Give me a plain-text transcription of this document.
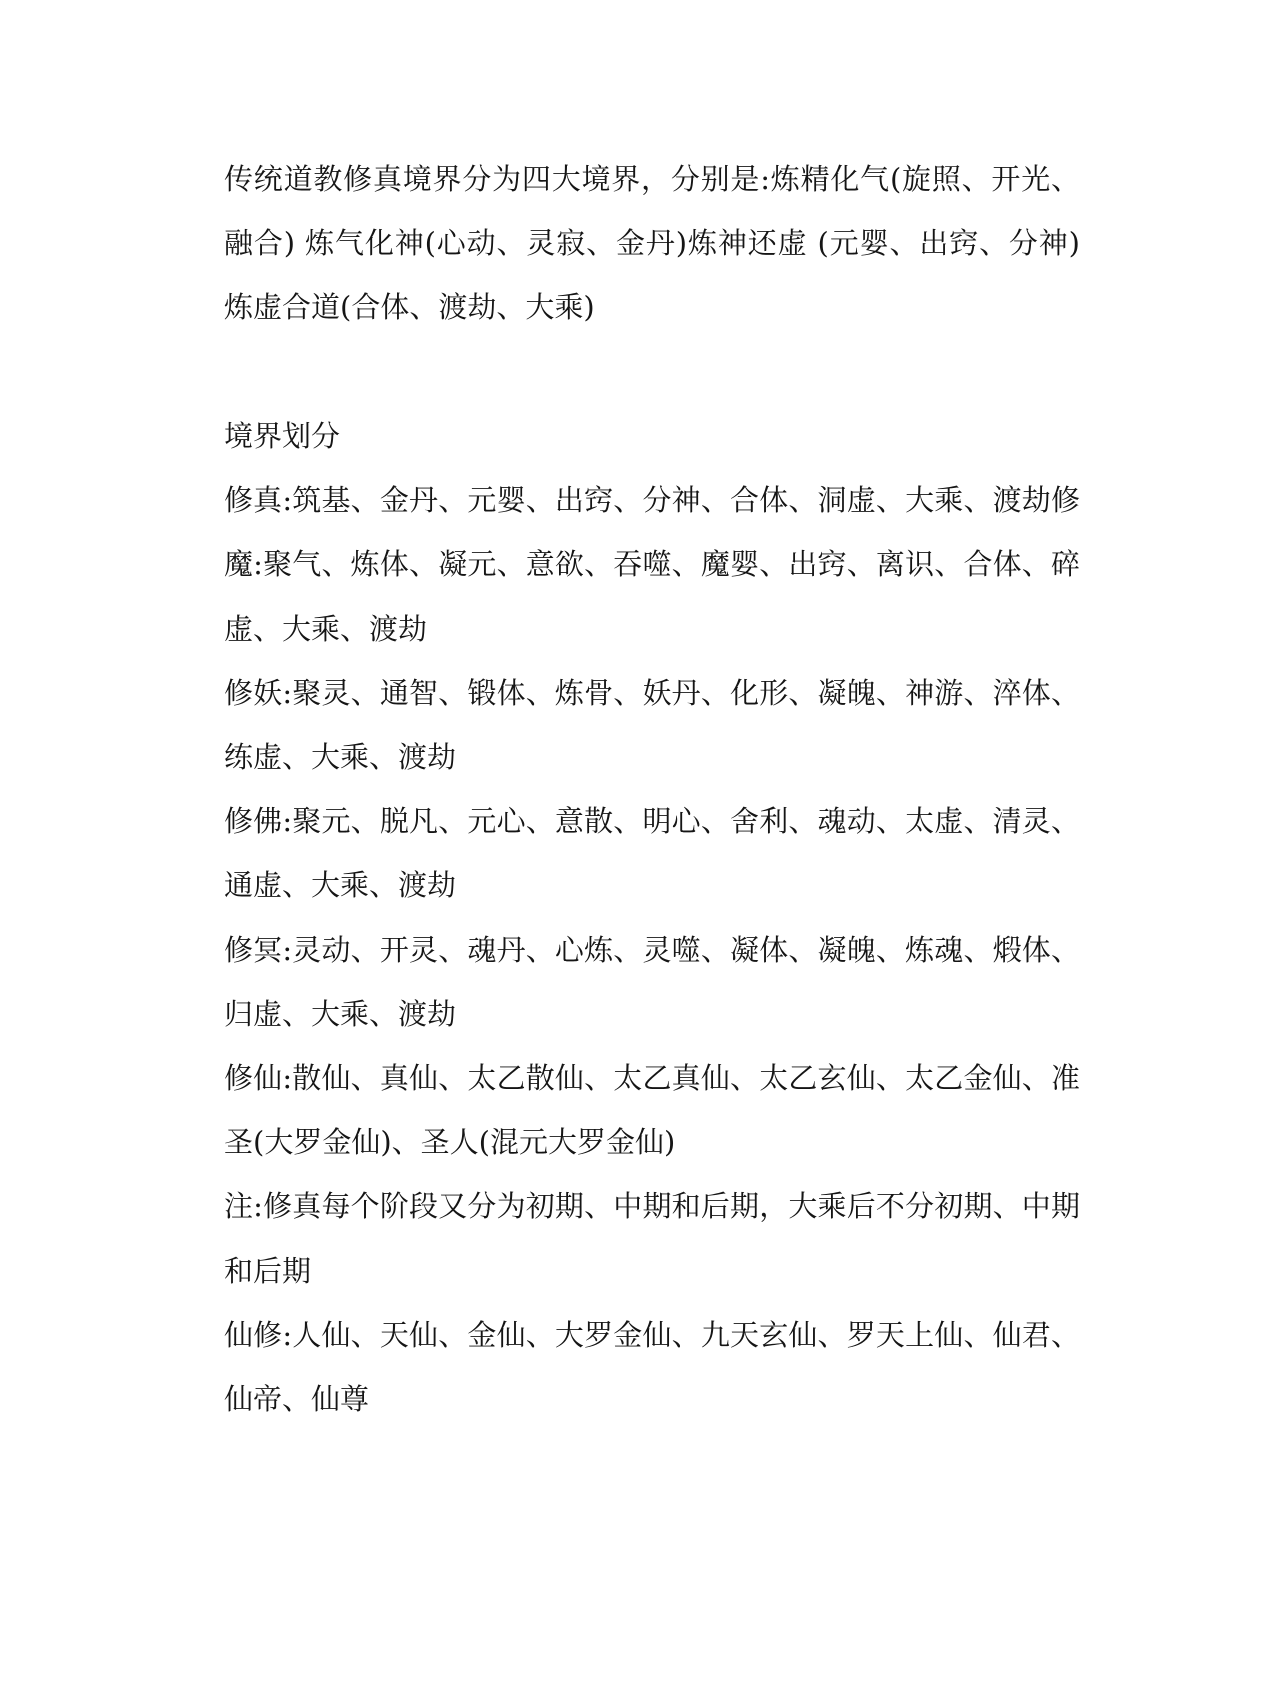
传统道教修真境界分为四大境界，分别是:炼精化气(旋照、开光、融合) 炼气化神(心动、灵寂、金丹)炼神还虚 (元婴、出窍、分神)炼虚合道(合体、渡劫、大乘)

境界划分

修真:筑基、金丹、元婴、出窍、分神、合体、洞虚、大乘、渡劫修魔:聚气、炼体、凝元、意欲、吞噬、魔婴、出窍、离识、合体、碎虚、大乘、渡劫

修妖:聚灵、通智、锻体、炼骨、妖丹、化形、凝魄、神游、淬体、练虚、大乘、渡劫

修佛:聚元、脱凡、元心、意散、明心、舍利、魂动、太虚、清灵、通虚、大乘、渡劫

修冥:灵动、开灵、魂丹、心炼、灵噬、凝体、凝魄、炼魂、煅体、归虚、大乘、渡劫

修仙:散仙、真仙、太乙散仙、太乙真仙、太乙玄仙、太乙金仙、准圣(大罗金仙)、圣人(混元大罗金仙)

注:修真每个阶段又分为初期、中期和后期，大乘后不分初期、中期和后期

仙修:人仙、天仙、金仙、大罗金仙、九天玄仙、罗天上仙、仙君、仙帝、仙尊
